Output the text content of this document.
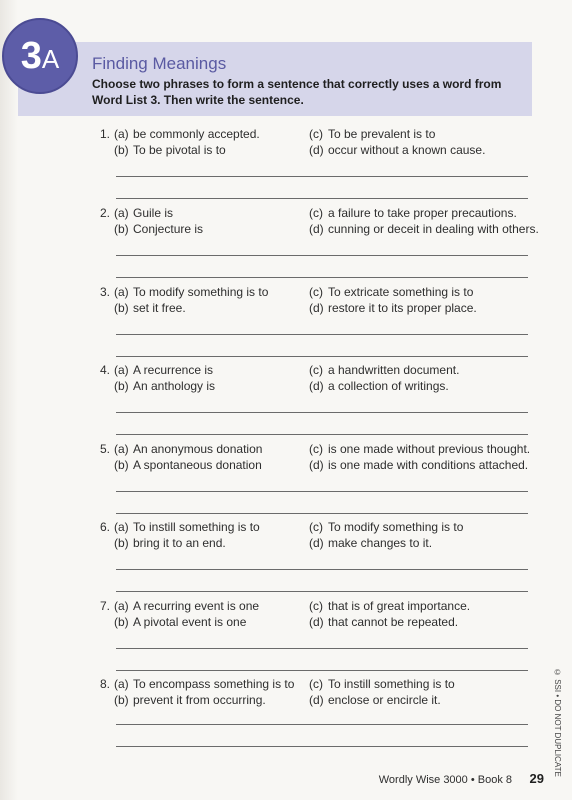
3 A Finding Meanings
Choose two phrases to form a sentence that correctly uses a word from Word List 3. Then write the sentence.
1. (a) be commonly accepted.	(c) To be prevalent is to
(b) To be pivotal is to	(d) occur without a known cause.
2. (a) Guile is	(c) a failure to take proper precautions.
(b) Conjecture is	(d) cunning or deceit in dealing with others.
3. (a) To modify something is to	(c) To extricate something is to
(b) set it free.	(d) restore it to its proper place.
4. (a) A recurrence is	(c) a handwritten document.
(b) An anthology is	(d) a collection of writings.
5. (a) An anonymous donation	(c) is one made without previous thought.
(b) A spontaneous donation	(d) is one made with conditions attached.
6. (a) To instill something is to	(c) To modify something is to
(b) bring it to an end.	(d) make changes to it.
7. (a) A recurring event is one	(c) that is of great importance.
(b) A pivotal event is one	(d) that cannot be repeated.
8. (a) To encompass something is to (c) To instill something is to
(b) prevent it from occurring.	(d) enclose or encircle it.	© SSI • DO NOT DUPLICATE
Wordly Wise 3000 • Book 8 29
